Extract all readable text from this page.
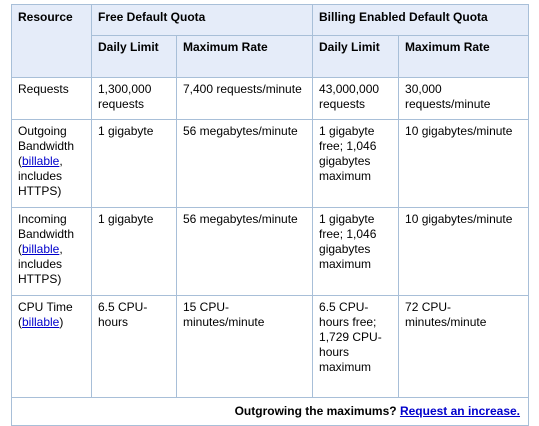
Resource	Free Default Quota		Billing Enabled Default Quota	
	Daily Limit	Maximum Rate	Daily Limit	Maximum Rate
Requests	1,300,000 requests	7,400 requests/minute	43,000,000 requests	30,000 requests/minute
Outgoing Bandwidth (billable, includes HTTPS)	1 gigabyte	56 megabytes/minute	1 gigabyte free; 1,046 gigabytes maximum	10 gigabytes/minute
Incoming Bandwidth (billable, includes HTTPS)	1 gigabyte	56 megabytes/minute	1 gigabyte free; 1,046 gigabytes maximum	10 gigabytes/minute
CPU Time (billable)	6.5 CPU-hours	15 CPU-minutes/minute	6.5 CPU-hours free; 1,729 CPU-hours maximum	72 CPU-minutes/minute
Outgrowing the maximums? Request an increase.				
